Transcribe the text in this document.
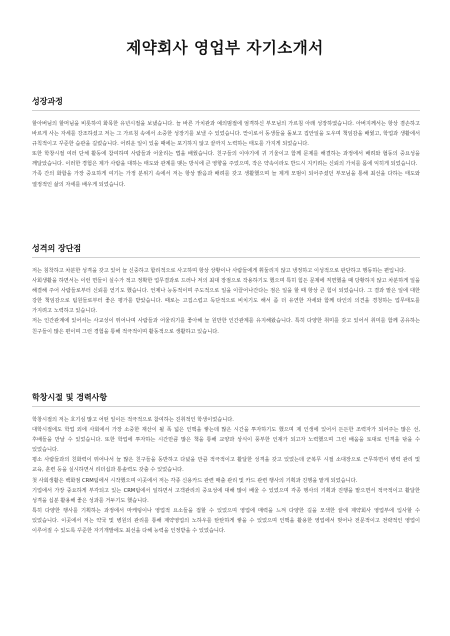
제약회사 영업부 자기소개서
성장과정

할아버님의 할머님을 비롯하여 화목한 유년시절을 보냈습니다. 늘 바른 가치관과 예의범절에 엄격하신 부모님의 가르침 아래 성장하였습니다. 아버지께서는 항상 겸손하고 바르게 사는 자세를 강조하셨고 저는 그 가르침 속에서 소중한 성장기를 보낼 수 있었습니다. 맏이로서 동생들을 돌보고 집안일을 도우며 책임감을 배웠고, 학업과 생활에서 규칙적이고 꾸준한 습관을 길렀습니다. 어려운 일이 있을 때에는 포기하지 않고 끝까지 노력하는 태도를 가지게 되었습니다.

또한 학창시절 여러 단체 활동에 참여하며 사람들과 어울리는 법을 배웠습니다. 친구들의 이야기에 귀 기울이고 함께 문제를 해결하는 과정에서 배려와 협동의 중요성을 깨달았습니다. 이러한 경험은 제가 사람을 대하는 태도와 관계를 맺는 방식에 큰 영향을 주었으며, 작은 약속이라도 반드시 지키려는 신뢰의 가치를 몸에 익히게 되었습니다.

가족 간의 화합을 가장 중요하게 여기는 가정 분위기 속에서 저는 항상 밝음과 배려를 갖고 생활했으며 늘 제게 모범이 되어주셨던 부모님을 통해 최선을 다하는 태도와 열정적인 삶의 자세를 배우게 되었습니다.

성격의 장단점

저는 침착하고 차분한 성격을 갖고 있어 늘 신중하고 합리적으로 사고하며 항상 상황이나 사람들에게 휘둘리지 않고 냉정하고 이성적으로 판단하고 행동하는 편입니다.

사회생활을 하면서는 이런 면들이 실수가 적고 정확한 업무결과로 드러나 저의 최대 장점으로 작용하기도 했으며 특히 힘든 문제에 직면했을 때 당황하지 않고 차분하게 일을 해결해 주어 사람들로부터 신뢰를 얻기도 했습니다. 언제나 능동적이며 주도적으로 일을 이끌어나간다는 점은 일을 할 때 항상 큰 힘이 되었습니다. 그 결과 맡은 일에 대한 강한 책임감으로 팀원들로부터 좋은 평가를 받았습니다. 때로는 고집스럽고 독단적으로 비치기도 해서 좀 더 유연한 자세와 함께 타인의 의견을 경청하는 업무태도를 가지려고 노력하고 있습니다.

저는 인간관계에 있어서는 사교성이 뛰어나며 사람들과 어울리기를 좋아해 늘 원만한 인간관계를 유지해왔습니다. 특히 다양한 취미를 갖고 있어서 취미를 함께 공유하는 친구들이 많은 편이며 그런 경험을 통해 적극적이며 활동적으로 생활하고 있습니다.

학창시절 및 경력사항

학창시절의 저는 호기심 많고 어떤 일이든 적극적으로 참여하는 진취적인 학생이었습니다.

대학시절에도 학업 외에 사회에서 가장 소중한 재산이 될 폭 넓은 인맥을 쌓는데 많은 시간을 투자하기도 했으며 제 인생에 있어서 든든한 조력자가 되어주는 많은 선, 후배들을 만날 수 있었습니다. 또한 학업에 투자하는 시간만큼 많은 책을 통해 교양과 상식이 풍부한 인재가 되고자 노력했으며 그런 배움을 토대로 인격을 닦을 수 있었습니다.

평소 사람들과의 친화력이 뛰어나서 늘 많은 친구들을 동반하고 다녔을 만큼 적극적이고 활달한 성격을 갖고 있었는데 군복무 시절 소대장으로 근무하면서 병력 관리 및 교육, 훈련 등을 실시하면서 리더십과 통솔력도 갖출 수 있었습니다.

첫 사회생활은 백화점 CRM팀에서 시작했으며 이곳에서 저는 각종 신용카드 관련 매출 관리 및 카드 관련 행사의 기획과 진행을 맡게 되었습니다.

기업에서 가장 중요하게 부각되고 있는 CRM팀에서 일하면서 고객관리의 중요성에 대해 많이 배울 수 있었으며 각종 행사의 기획과 진행을 맡으면서 적극적이고 활달한 성격을 십분 활용해 좋은 성과를 거두기도 했습니다.

특히 다양한 행사를 기획하는 과정에서 마케팅이나 영업적 요소들을 접할 수 있었으며 영업에 매력을 느껴 다양한 길을 모색한 끝에 제약회사 영업부에 입사할 수 있었습니다. 이곳에서 저는 약국 및 병원의 관리를 통해 제약영업의 노하우를 탄탄하게 쌓을 수 있었으며 인맥을 활용한 영업에서 벗어나 전문적이고 전략적인 영업이 이루어질 수 있도록 꾸준한 자기개발에도 최선을 다해 능력을 인정받을 수 있었습니다.
